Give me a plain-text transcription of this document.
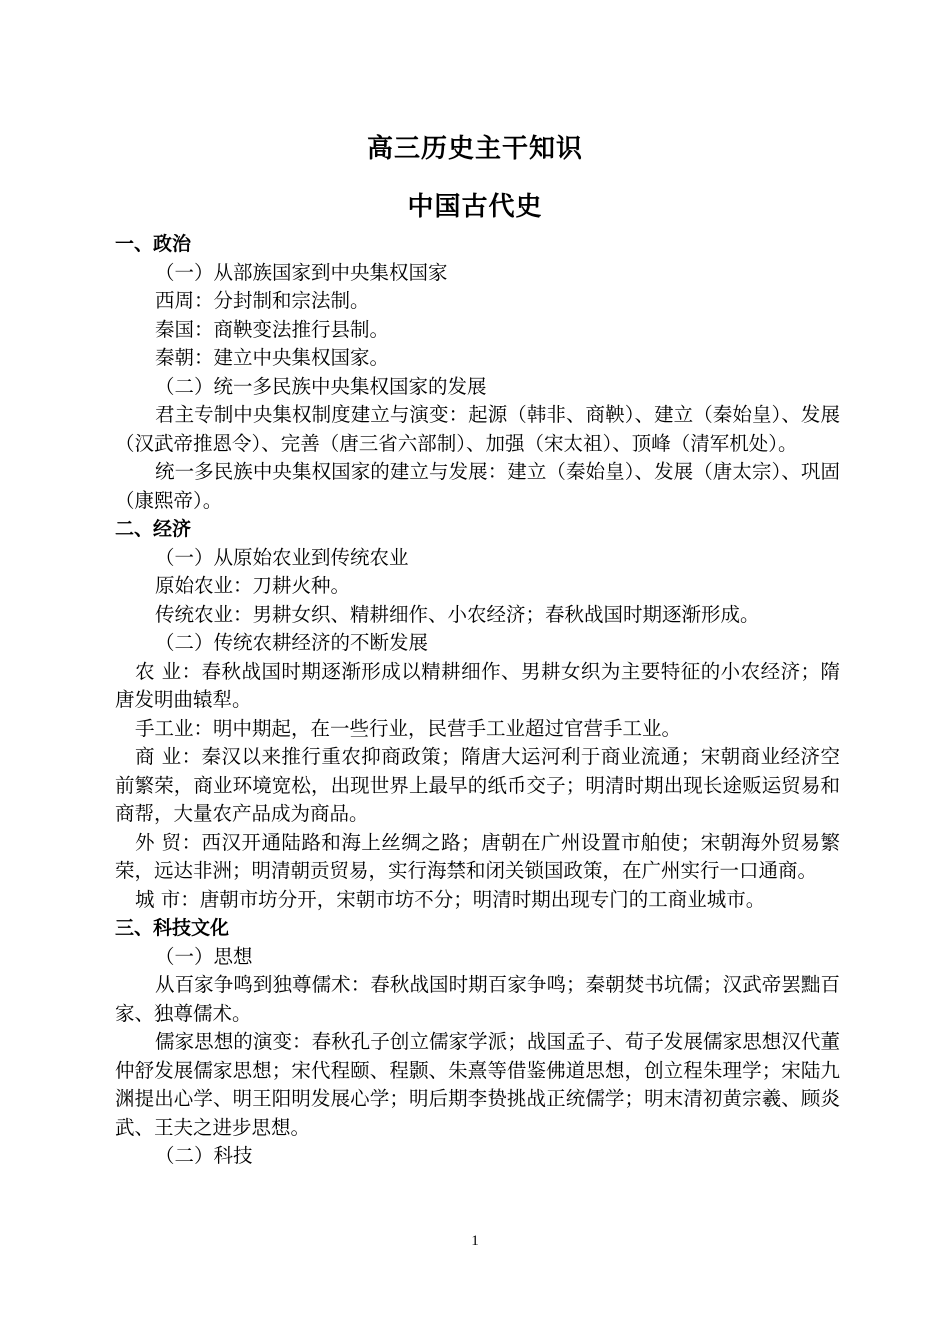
高三历史主干知识
中国古代史

一、政治

（一）从部族国家到中央集权国家

西周：分封制和宗法制。

秦国：商鞅变法推行县制。

秦朝：建立中央集权国家。

（二）统一多民族中央集权国家的发展

君主专制中央集权制度建立与演变：起源（韩非、商鞅）、建立（秦始皇）、发展（汉武帝推恩令）、完善（唐三省六部制）、加强（宋太祖）、顶峰（清军机处）。

统一多民族中央集权国家的建立与发展：建立（秦始皇）、发展（唐太宗）、巩固（康熙帝）。

二、经济

（一）从原始农业到传统农业

原始农业：刀耕火种。

传统农业：男耕女织、精耕细作、小农经济；春秋战国时期逐渐形成。

（二）传统农耕经济的不断发展

农 业：春秋战国时期逐渐形成以精耕细作、男耕女织为主要特征的小农经济；隋唐发明曲辕犁。

手工业：明中期起，在一些行业，民营手工业超过官营手工业。

商 业：秦汉以来推行重农抑商政策；隋唐大运河利于商业流通；宋朝商业经济空前繁荣，商业环境宽松，出现世界上最早的纸币交子；明清时期出现长途贩运贸易和商帮，大量农产品成为商品。

外 贸：西汉开通陆路和海上丝绸之路；唐朝在广州设置市舶使；宋朝海外贸易繁荣，远达非洲；明清朝贡贸易，实行海禁和闭关锁国政策，在广州实行一口通商。

城 市：唐朝市坊分开，宋朝市坊不分；明清时期出现专门的工商业城市。

三、科技文化

（一）思想

从百家争鸣到独尊儒术：春秋战国时期百家争鸣；秦朝焚书坑儒；汉武帝罢黜百家、独尊儒术。

儒家思想的演变：春秋孔子创立儒家学派；战国孟子、荀子发展儒家思想汉代董仲舒发展儒家思想；宋代程颐、程颢、朱熹等借鉴佛道思想，创立程朱理学；宋陆九渊提出心学、明王阳明发展心学；明后期李贽挑战正统儒学；明末清初黄宗羲、顾炎武、王夫之进步思想。

（二）科技

1
